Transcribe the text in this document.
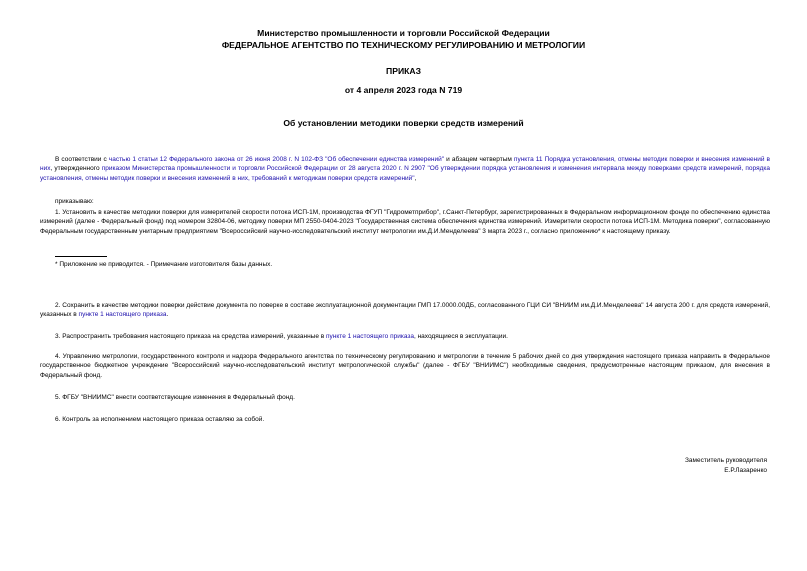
Министерство промышленности и торговли Российской Федерации
ФЕДЕРАЛЬНОЕ АГЕНТСТВО ПО ТЕХНИЧЕСКОМУ РЕГУЛИРОВАНИЮ И МЕТРОЛОГИИ
ПРИКАЗ
от 4 апреля 2023 года N 719
Об установлении методики поверки средств измерений

В соответствии с частью 1 статьи 12 Федерального закона от 26 июня 2008 г. N 102-ФЗ "Об обеспечении единства измерений" и абзацем четвертым пункта 11 Порядка установления, отмены методик поверки и внесения изменений в них, утвержденного приказом Министерства промышленности и торговли Российской Федерации от 28 августа 2020 г. N 2907 "Об утверждении порядка установления и изменения интервала между поверками средств измерений, порядка установления, отмены методик поверки и внесения изменений в них, требований к методикам поверки средств измерений",

приказываю:

1. Установить в качестве методики поверки для измерителей скорости потока ИСП-1М, производства ФГУП "Гидрометприбор", г.Санкт-Петербург, зарегистрированных в Федеральном информационном фонде по обеспечению единства измерений (далее - Федеральный фонд) под номером 32804-06, методику поверки МП 2550-0404-2023 "Государственная система обеспечения единства измерений. Измерители скорости потока ИСП-1М. Методика поверки", согласованную Федеральным государственным унитарным предприятием "Всероссийский научно-исследовательский институт метрологии им.Д.И.Менделеева" 3 марта 2023 г., согласно приложению* к настоящему приказу.

* Приложение не приводится. - Примечание изготовителя базы данных.

2. Сохранить в качестве методики поверки действие документа по поверке в составе эксплуатационной документации ГМП 17.0000.00ДБ, согласованного ГЦИ СИ "ВНИИМ им.Д.И.Менделеева" 14 августа 200 г. для средств измерений, указанных в пункте 1 настоящего приказа.

3. Распространить требования настоящего приказа на средства измерений, указанные в пункте 1 настоящего приказа, находящиеся в эксплуатации.

4. Управлению метрологии, государственного контроля и надзора Федерального агентства по техническому регулированию и метрологии в течение 5 рабочих дней со дня утверждения настоящего приказа направить в Федеральное государственное бюджетное учреждение "Всероссийский научно-исследовательский институт метрологической службы" (далее - ФГБУ "ВНИИМС") необходимые сведения, предусмотренные настоящим приказом, для внесения в Федеральный фонд.

5. ФГБУ "ВНИИМС" внести соответствующие изменения в Федеральный фонд.

6. Контроль за исполнением настоящего приказа оставляю за собой.

Заместитель руководителя
Е.Р.Лазаренко
